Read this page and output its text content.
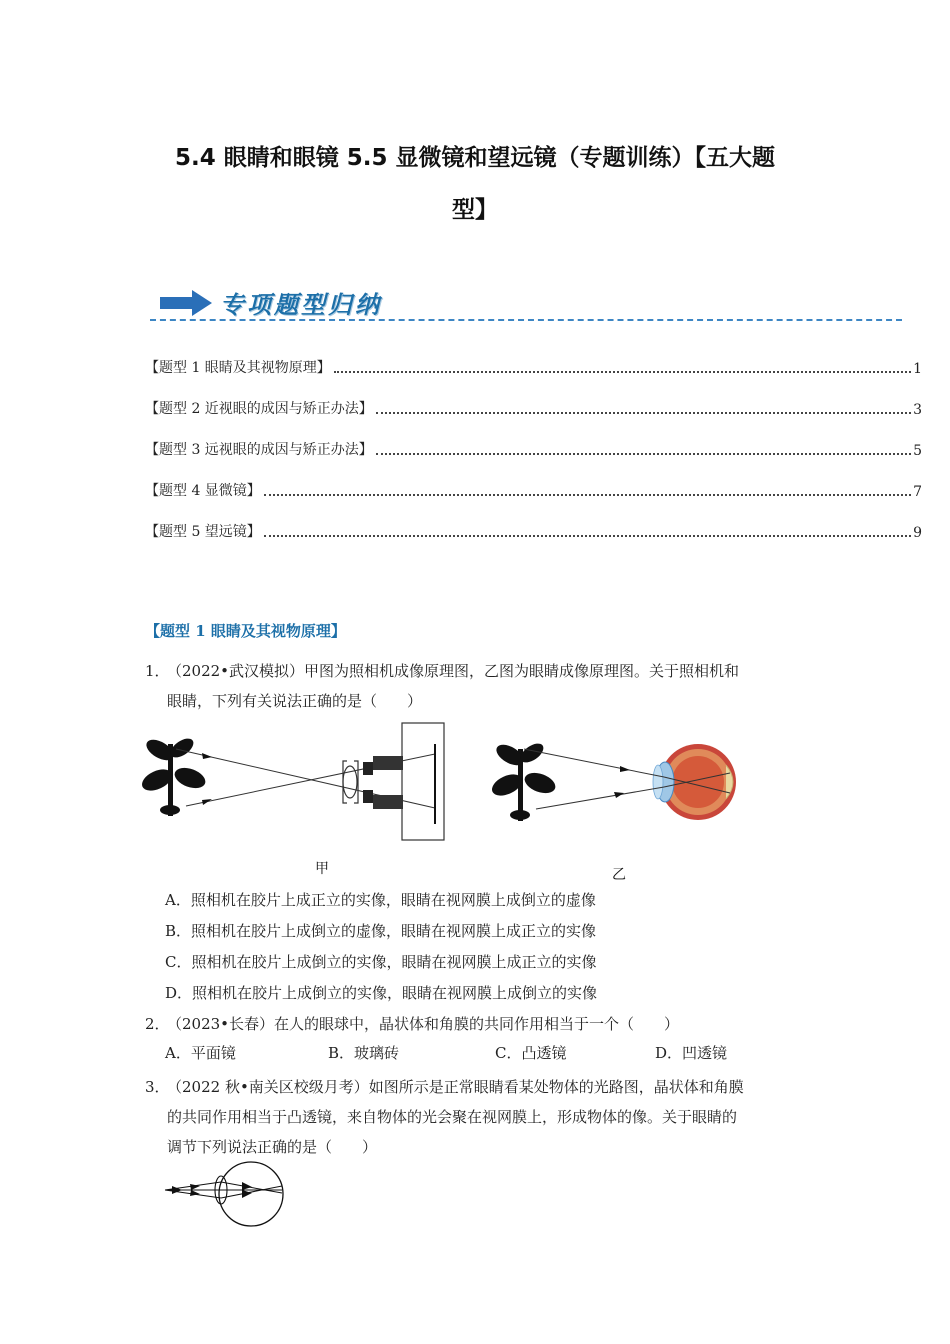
5.4 眼睛和眼镜 5.5 显微镜和望远镜（专题训练）【五大题
型】
专项题型归纳
【题型 1 眼睛及其视物原理】	1
【题型 2 近视眼的成因与矫正办法】	3
【题型 3 远视眼的成因与矫正办法】	5
【题型 4 显微镜】	7
【题型 5 望远镜】	9
【题型 1 眼睛及其视物原理】
1．（2022•武汉模拟）甲图为照相机成像原理图，乙图为眼睛成像原理图。关于照相机和
眼睛，下列有关说法正确的是（　　）
甲	乙
A．照相机在胶片上成正立的实像，眼睛在视网膜上成倒立的虚像
B．照相机在胶片上成倒立的虚像，眼睛在视网膜上成正立的实像
C．照相机在胶片上成倒立的实像，眼睛在视网膜上成正立的实像
D．照相机在胶片上成倒立的实像，眼睛在视网膜上成倒立的实像
2．（2023•长春）在人的眼球中，晶状体和角膜的共同作用相当于一个（　　）
A．平面镜	B．玻璃砖	C．凸透镜	D．凹透镜
3．（2022 秋•南关区校级月考）如图所示是正常眼睛看某处物体的光路图，晶状体和角膜
的共同作用相当于凸透镜，来自物体的光会聚在视网膜上，形成物体的像。关于眼睛的
调节下列说法正确的是（　　）
